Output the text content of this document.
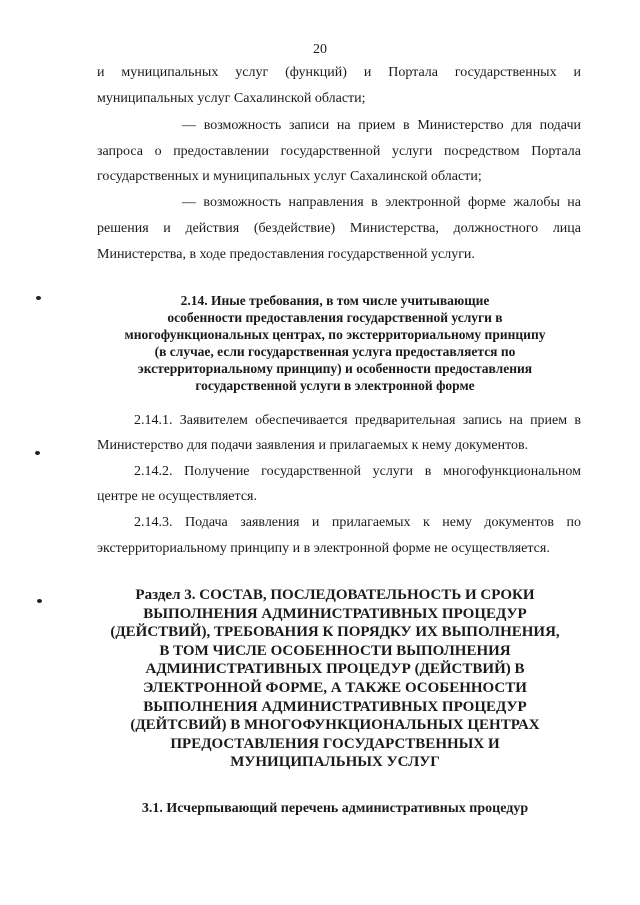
20
и муниципальных услуг (функций) и Портала государственных и
муниципальных услуг Сахалинской области;
— возможность записи на прием в Министерство для подачи
запроса о предоставлении государственной услуги посредством Портала
государственных и муниципальных услуг Сахалинской области;
— возможность направления в электронной форме жалобы на
решения и действия (бездействие) Министерства, должностного лица
Министерства, в ходе предоставления государственной услуги.
2.14. Иные требования, в том числе учитывающие
особенности предоставления государственной услуги в
многофункциональных центрах, по экстерриториальному принципу
(в случае, если государственная услуга предоставляется по
экстерриториальному принципу) и особенности предоставления
государственной услуги в электронной форме
2.14.1. Заявителем обеспечивается предварительная запись на прием в
Министерство для подачи заявления и прилагаемых к нему документов.
2.14.2. Получение государственной услуги в многофункциональном
центре не осуществляется.
2.14.3. Подача заявления и прилагаемых к нему документов по
экстерриториальному принципу и в электронной форме не осуществляется.
Раздел 3. СОСТАВ, ПОСЛЕДОВАТЕЛЬНОСТЬ И СРОКИ
ВЫПОЛНЕНИЯ АДМИНИСТРАТИВНЫХ ПРОЦЕДУР
(ДЕЙСТВИЙ), ТРЕБОВАНИЯ К ПОРЯДКУ ИХ ВЫПОЛНЕНИЯ,
В ТОМ ЧИСЛЕ ОСОБЕННОСТИ ВЫПОЛНЕНИЯ
АДМИНИСТРАТИВНЫХ ПРОЦЕДУР (ДЕЙСТВИЙ) В
ЭЛЕКТРОННОЙ ФОРМЕ, А ТАКЖЕ ОСОБЕННОСТИ
ВЫПОЛНЕНИЯ АДМИНИСТРАТИВНЫХ ПРОЦЕДУР
(ДЕЙТСВИЙ) В МНОГОФУНКЦИОНАЛЬНЫХ ЦЕНТРАХ
ПРЕДОСТАВЛЕНИЯ ГОСУДАРСТВЕННЫХ И
МУНИЦИПАЛЬНЫХ УСЛУГ
3.1. Исчерпывающий перечень административных процедур
